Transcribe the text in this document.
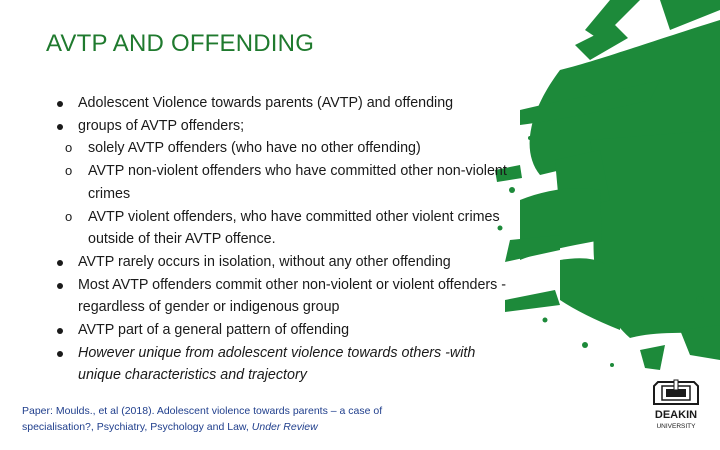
AVTP AND OFFENDING
Adolescent Violence towards parents (AVTP) and offending
groups of AVTP offenders;
o solely AVTP offenders (who have no other offending)
o AVTP non-violent offenders who have committed other non-violent crimes
o AVTP violent offenders, who have committed other violent crimes outside of their AVTP offence.
AVTP rarely occurs in isolation, without any other offending
Most AVTP offenders commit other non-violent or violent offenders - regardless of gender or indigenous group
AVTP part of a general pattern of offending
However unique from adolescent violence towards others -with unique characteristics and trajectory
Paper: Moulds., et al (2018). Adolescent violence towards parents – a case of specialisation?, Psychiatry, Psychology and Law, Under Review
DEAKIN
UNIVERSITY
